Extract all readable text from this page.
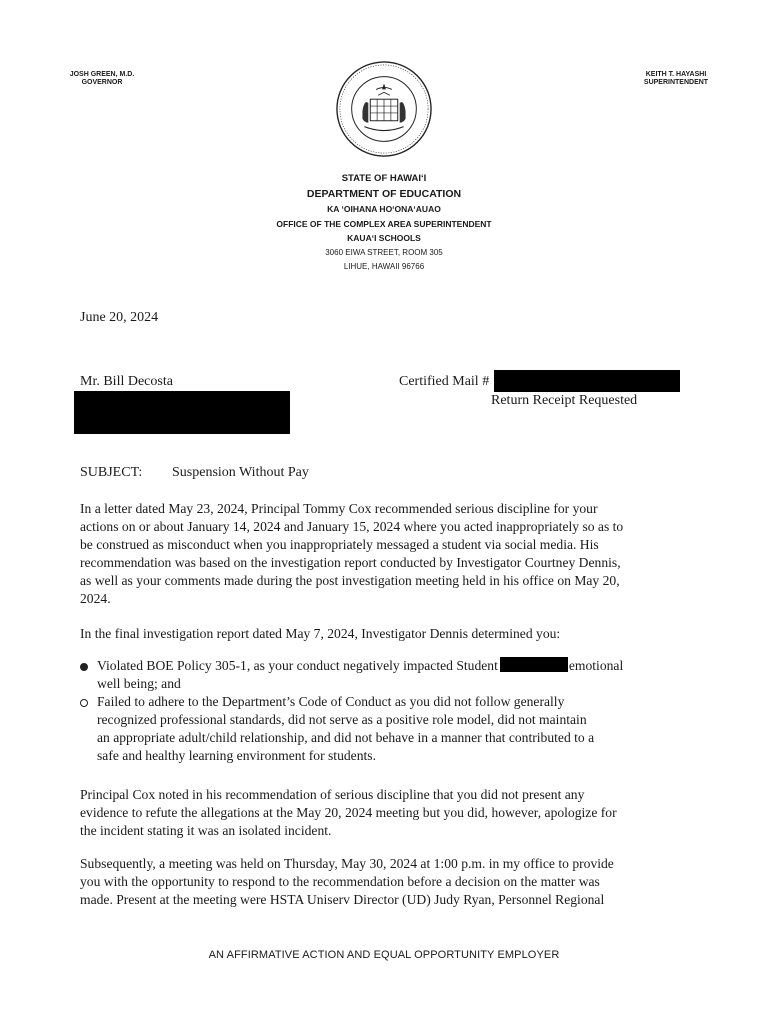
JOSH GREEN, M.D.
GOVERNOR
KEITH T. HAYASHI
SUPERINTENDENT
STATE OF HAWAI‘I
DEPARTMENT OF EDUCATION
KA ‘OIHANA HO‘ONA‘AUAO
OFFICE OF THE COMPLEX AREA SUPERINTENDENT
KAUA‘I SCHOOLS
3060 EIWA STREET, ROOM 305
LIHUE, HAWAII 96766
June 20, 2024
Mr. Bill Decosta	Certified Mail #
Return Receipt Requested
SUBJECT: Suspension Without Pay

In a letter dated May 23, 2024, Principal Tommy Cox recommended serious discipline for your

actions on or about January 14, 2024 and January 15, 2024 where you acted inappropriately so as to

be construed as misconduct when you inappropriately messaged a student via social media. His

recommendation was based on the investigation report conducted by Investigator Courtney Dennis,

as well as your comments made during the post investigation meeting held in his office on May 20,

2024.

In the final investigation report dated May 7, 2024, Investigator Dennis determined you:

Violated BOE Policy 305-1, as your conduct negatively impacted Student	emotional
well being; and
Failed to adhere to the Department’s Code of Conduct as you did not follow generally
recognized professional standards, did not serve as a positive role model, did not maintain
an appropriate adult/child relationship, and did not behave in a manner that contributed to a
safe and healthy learning environment for students.

Principal Cox noted in his recommendation of serious discipline that you did not present any

evidence to refute the allegations at the May 20, 2024 meeting but you did, however, apologize for

the incident stating it was an isolated incident.

Subsequently, a meeting was held on Thursday, May 30, 2024 at 1:00 p.m. in my office to provide

you with the opportunity to respond to the recommendation before a decision on the matter was

made. Present at the meeting were HSTA Uniserv Director (UD) Judy Ryan, Personnel Regional

AN AFFIRMATIVE ACTION AND EQUAL OPPORTUNITY EMPLOYER
